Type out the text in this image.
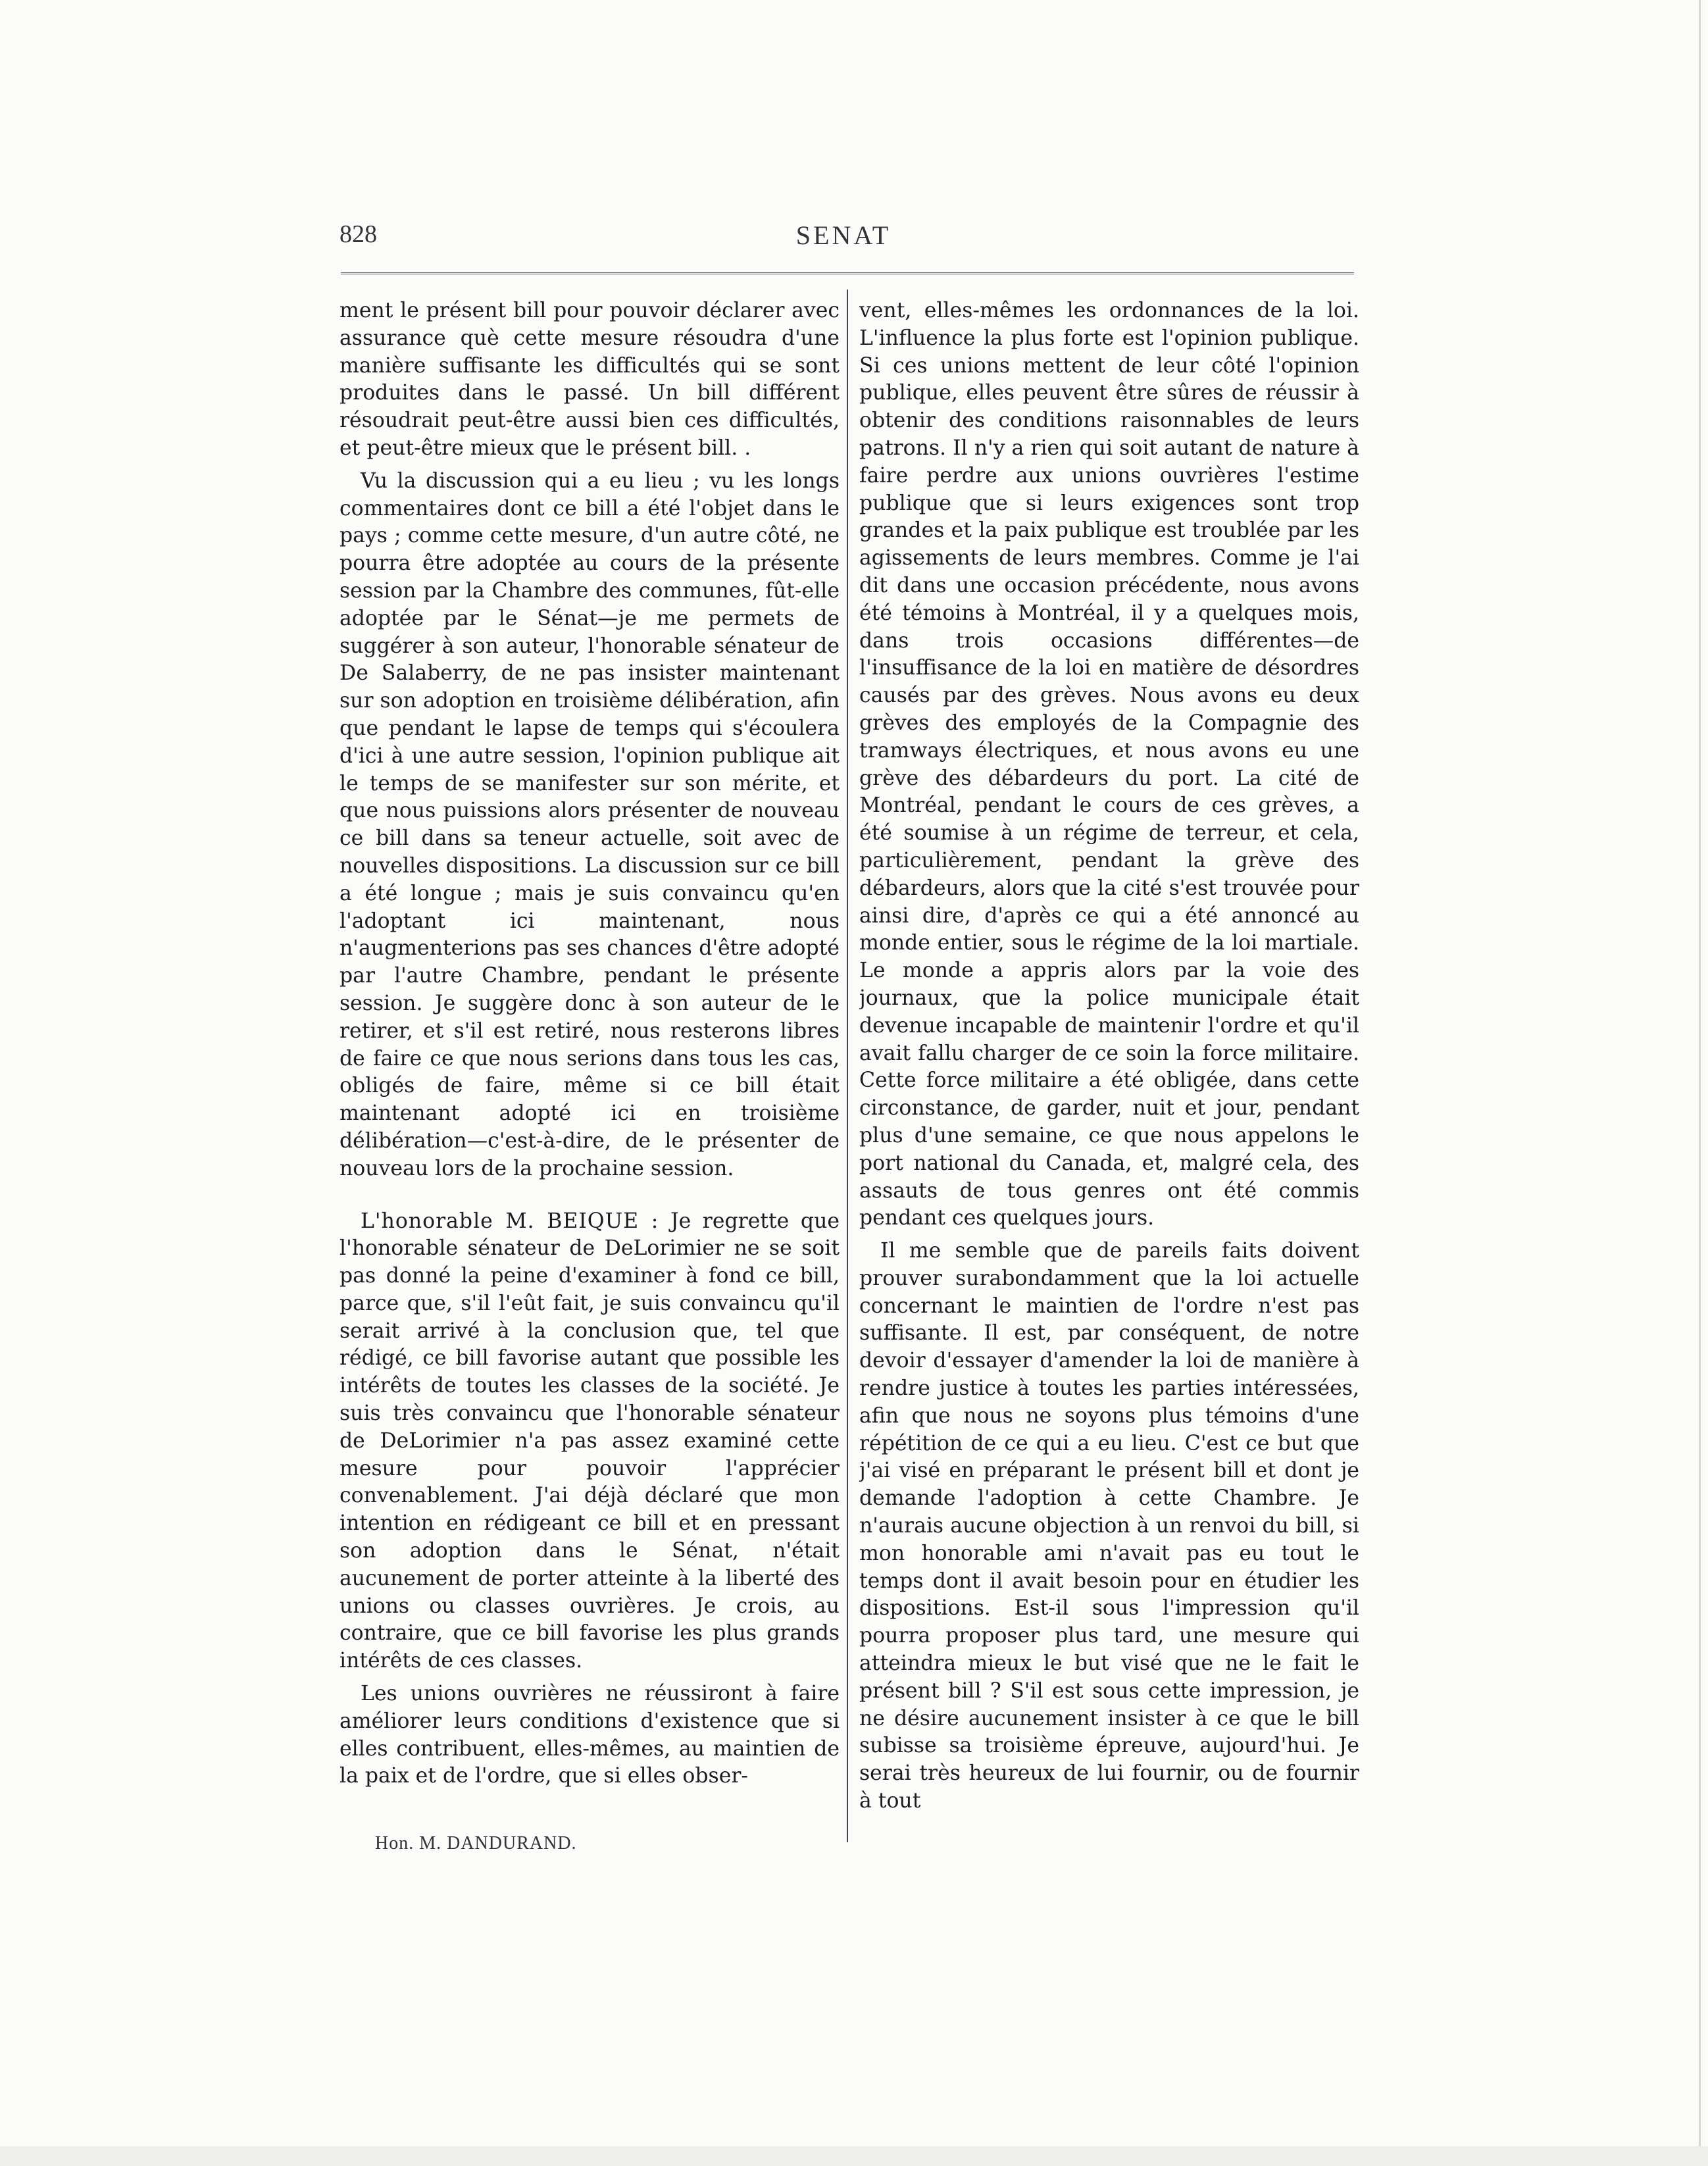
828	SENAT

ment le présent bill pour pouvoir déclarer avec assurance què cette mesure résoudra d'une manière suffisante les difficultés qui se sont produites dans le passé. Un bill différent résoudrait peut-être aussi bien ces difficultés, et peut-être mieux que le présent bill. .

Vu la discussion qui a eu lieu ; vu les longs commentaires dont ce bill a été l'objet dans le pays ; comme cette mesure, d'un autre côté, ne pourra être adoptée au cours de la présente session par la Chambre des communes, fût-elle adoptée par le Sénat—je me permets de suggérer à son auteur, l'honorable sénateur de De Salaberry, de ne pas insister maintenant sur son adoption en troisième délibération, afin que pendant le lapse de temps qui s'écoulera d'ici à une autre session, l'opinion publique ait le temps de se manifester sur son mérite, et que nous puissions alors présenter de nouveau ce bill dans sa teneur actuelle, soit avec de nouvelles dispositions. La discussion sur ce bill a été longue ; mais je suis convaincu qu'en l'adoptant ici maintenant, nous n'augmenterions pas ses chances d'être adopté par l'autre Chambre, pendant le présente session. Je suggère donc à son auteur de le retirer, et s'il est retiré, nous resterons libres de faire ce que nous serions dans tous les cas, obligés de faire, même si ce bill était maintenant adopté ici en troisième délibération—c'est-à-dire, de le présenter de nouveau lors de la prochaine session.

L'honorable M. BEIQUE : Je regrette que l'honorable sénateur de DeLorimier ne se soit pas donné la peine d'examiner à fond ce bill, parce que, s'il l'eût fait, je suis convaincu qu'il serait arrivé à la conclusion que, tel que rédigé, ce bill favorise autant que possible les intérêts de toutes les classes de la société. Je suis très convaincu que l'honorable sénateur de DeLorimier n'a pas assez examiné cette mesure pour pouvoir l'apprécier convenablement. J'ai déjà déclaré que mon intention en rédigeant ce bill et en pressant son adoption dans le Sénat, n'était aucunement de porter atteinte à la liberté des unions ou classes ouvrières. Je crois, au contraire, que ce bill favorise les plus grands intérêts de ces classes.

Les unions ouvrières ne réussiront à faire améliorer leurs conditions d'existence que si elles contribuent, elles-mêmes, au maintien de la paix et de l'ordre, que si elles obser-

vent, elles-mêmes les ordonnances de la loi. L'influence la plus forte est l'opinion publique. Si ces unions mettent de leur côté l'opinion publique, elles peuvent être sûres de réussir à obtenir des conditions raisonnables de leurs patrons. Il n'y a rien qui soit autant de nature à faire perdre aux unions ouvrières l'estime publique que si leurs exigences sont trop grandes et la paix publique est troublée par les agissements de leurs membres. Comme je l'ai dit dans une occasion précédente, nous avons été témoins à Montréal, il y a quelques mois, dans trois occasions différentes—de l'insuffisance de la loi en matière de désordres causés par des grèves. Nous avons eu deux grèves des employés de la Compagnie des tramways électriques, et nous avons eu une grève des débardeurs du port. La cité de Montréal, pendant le cours de ces grèves, a été soumise à un régime de terreur, et cela, particulièrement, pendant la grève des débardeurs, alors que la cité s'est trouvée pour ainsi dire, d'après ce qui a été annoncé au monde entier, sous le régime de la loi martiale. Le monde a appris alors par la voie des journaux, que la police municipale était devenue incapable de maintenir l'ordre et qu'il avait fallu charger de ce soin la force militaire. Cette force militaire a été obligée, dans cette circonstance, de garder, nuit et jour, pendant plus d'une semaine, ce que nous appelons le port national du Canada, et, malgré cela, des assauts de tous genres ont été commis pendant ces quelques jours.

Il me semble que de pareils faits doivent prouver surabondamment que la loi actuelle concernant le maintien de l'ordre n'est pas suffisante. Il est, par conséquent, de notre devoir d'essayer d'amender la loi de manière à rendre justice à toutes les parties intéressées, afin que nous ne soyons plus témoins d'une répétition de ce qui a eu lieu. C'est ce but que j'ai visé en préparant le présent bill et dont je demande l'adoption à cette Chambre. Je n'aurais aucune objection à un renvoi du bill, si mon honorable ami n'avait pas eu tout le temps dont il avait besoin pour en étudier les dispositions. Est-il sous l'impression qu'il pourra proposer plus tard, une mesure qui atteindra mieux le but visé que ne le fait le présent bill ? S'il est sous cette impression, je ne désire aucunement insister à ce que le bill subisse sa troisième épreuve, aujourd'hui. Je serai très heureux de lui fournir, ou de fournir à tout

Hon. M. DANDURAND.
